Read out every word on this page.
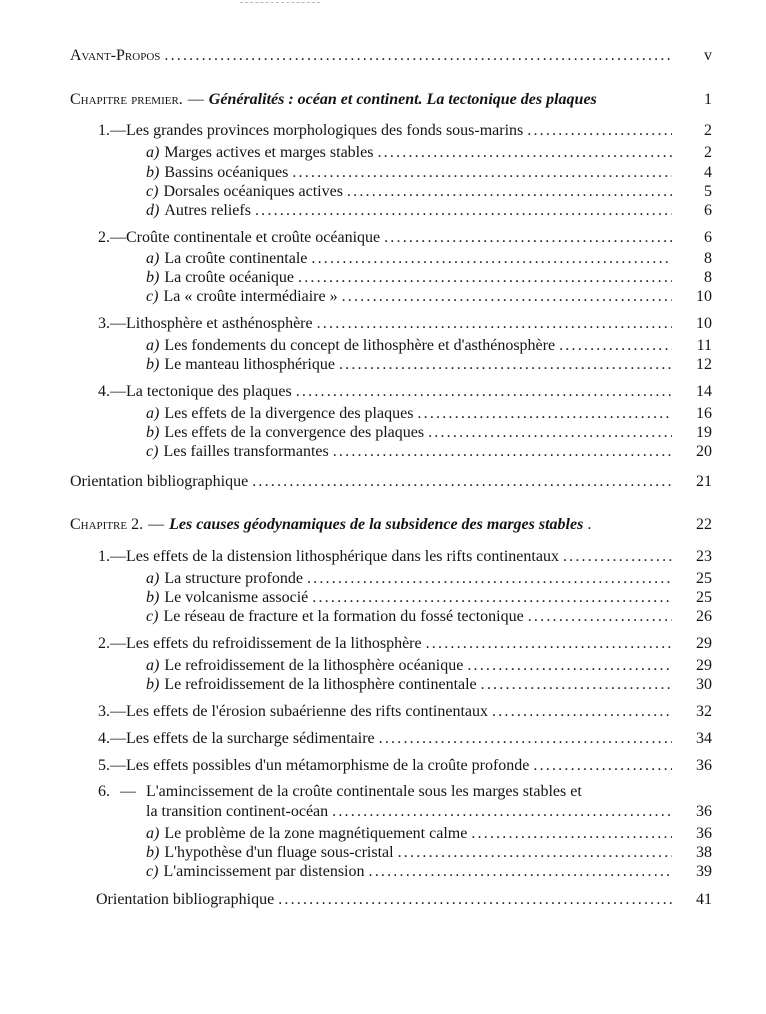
Avant-Propos .....	v
Chapitre premier. — Généralités : océan et continent. La tectonique des plaques	1
1. — Les grandes provinces morphologiques des fonds sous-marins .....	2
a) Marges actives et marges stables .....	2
b) Bassins océaniques .....	4
c) Dorsales océaniques actives .....	5
d) Autres reliefs .....	6
2. — Croûte continentale et croûte océanique .....	6
a) La croûte continentale .....	8
b) La croûte océanique .....	8
c) La « croûte intermédiaire » .....	10
3. — Lithosphère et asthénosphère .....	10
a) Les fondements du concept de lithosphère et d'asthénosphère .....	11
b) Le manteau lithosphérique .....	12
4. — La tectonique des plaques .....	14
a) Les effets de la divergence des plaques .....	16
b) Les effets de la convergence des plaques .....	19
c) Les failles transformantes .....	20
Orientation bibliographique .....	21
Chapitre 2. — Les causes géodynamiques de la subsidence des marges stables .	22
1. — Les effets de la distension lithosphérique dans les rifts continentaux .....	23
a) La structure profonde .....	25
b) Le volcanisme associé .....	25
c) Le réseau de fracture et la formation du fossé tectonique .....	26
2. — Les effets du refroidissement de la lithosphère .....	29
a) Le refroidissement de la lithosphère océanique .....	29
b) Le refroidissement de la lithosphère continentale .....	30
3. — Les effets de l'érosion subaérienne des rifts continentaux .....	32
4. — Les effets de la surcharge sédimentaire .....	34
5. — Les effets possibles d'un métamorphisme de la croûte profonde .....	36
6. — L'amincissement de la croûte continentale sous les marges stables et
la transition continent-océan .....	36
a) Le problème de la zone magnétiquement calme .....	36
b) L'hypothèse d'un fluage sous-cristal .....	38
c) L'amincissement par distension .....	39
Orientation bibliographique .....	41
